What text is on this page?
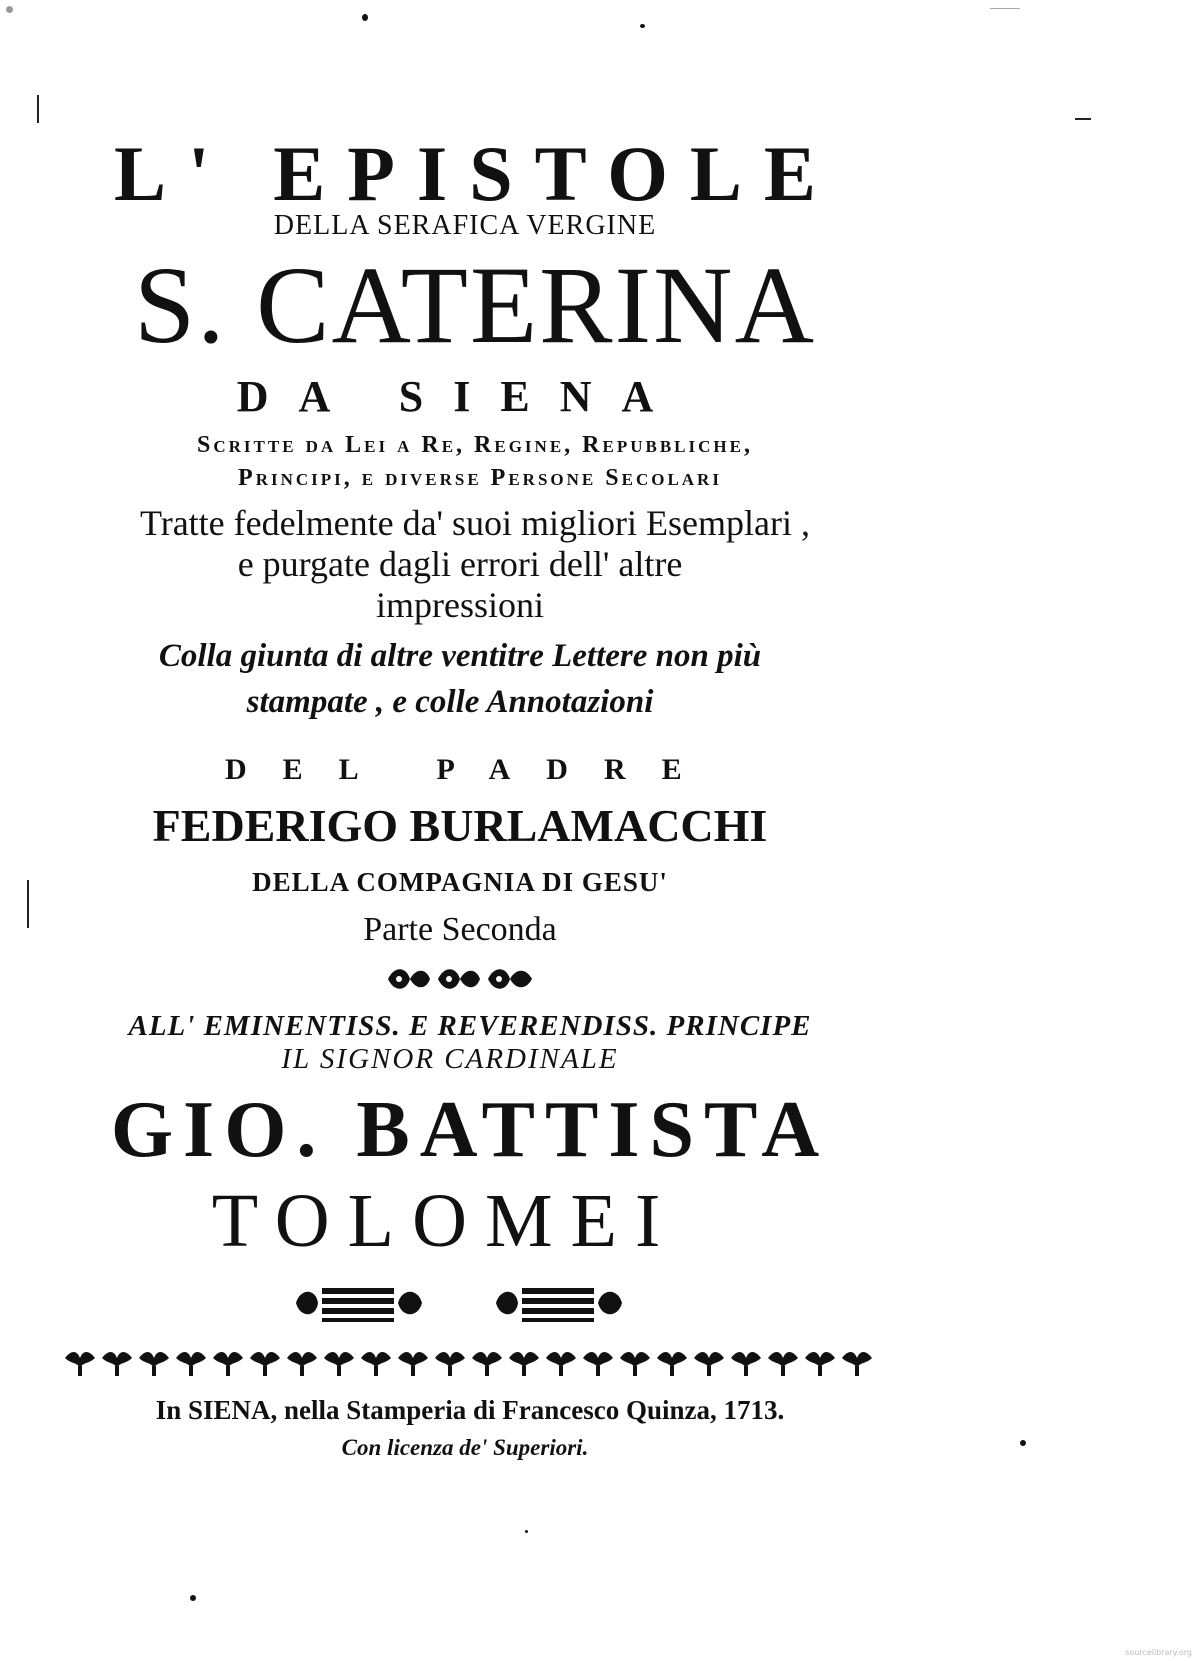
L' EPISTOLE
DELLA SERAFICA VERGINE
S. CATERINA
DA SIENA
Scritte da Lei a Re, Regine, Repubbliche,
Principi, e diverse Persone Secolari
Tratte fedelmente da' suoi migliori Esemplari ,
e purgate dagli errori dell' altre
impressioni
Colla giunta di altre ventitre Lettere non più
stampate , e colle Annotazioni
DEL PADRE
FEDERIGO BURLAMACCHI
DELLA COMPAGNIA DI GESU'
Parte Seconda
ALL' EMINENTISS. E REVERENDISS. PRINCIPE
IL SIGNOR CARDINALE
GIO. BATTISTA
TOLOMEI
In SIENA, nella Stamperia di Francesco Quinza, 1713.
Con licenza de' Superiori.
sourcelibrary.org
